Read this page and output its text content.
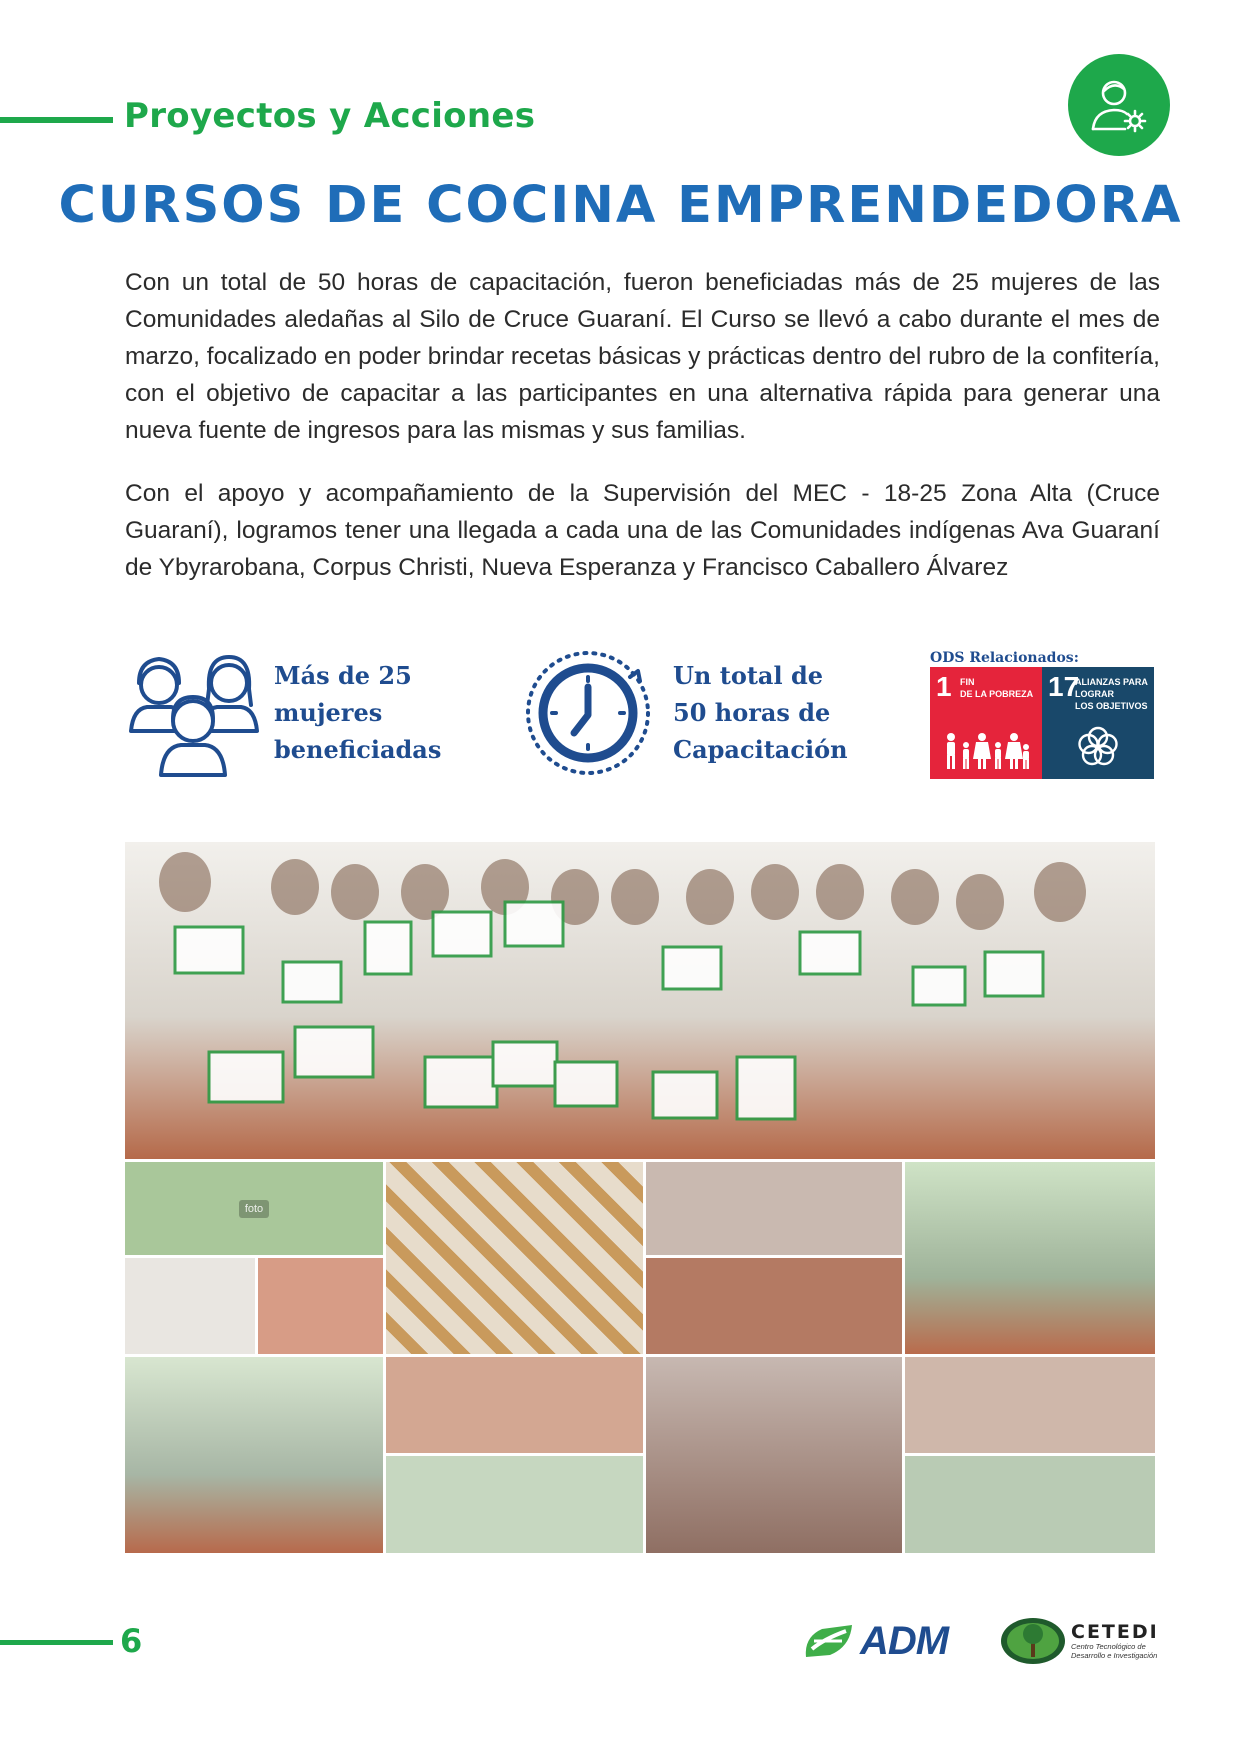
Proyectos y Acciones
CURSOS DE COCINA EMPRENDEDORA

Con un total de 50 horas de capacitación, fueron beneficiadas más de 25 mujeres de las Comunidades aledañas al Silo de Cruce Guaraní. El Curso se llevó a cabo durante el mes de marzo, focalizado en poder brindar recetas básicas y prácticas dentro del rubro de la confitería, con el objetivo de capacitar a las participantes en una alternativa rápida para generar una nueva fuente de ingresos para las mismas y sus familias.

Con el apoyo y acompañamiento de la Supervisión del MEC - 18-25 Zona Alta (Cruce Guaraní), logramos tener una llegada a cada una de las Comunidades indígenas Ava Guaraní de Ybyrarobana, Corpus Christi, Nueva Esperanza y Francisco Caballero Álvarez

Más de 25
mujeres
beneficiadas
Un total de
50 horas de
Capacitación
ODS Relacionados:
1 FIN
DE LA POBREZA 17
ALIANZAS PARA
LOGRAR
LOS OBJETIVOS
foto
6	ADM	CETEDI
Centro Tecnológico de
Desarrollo e Investigación
